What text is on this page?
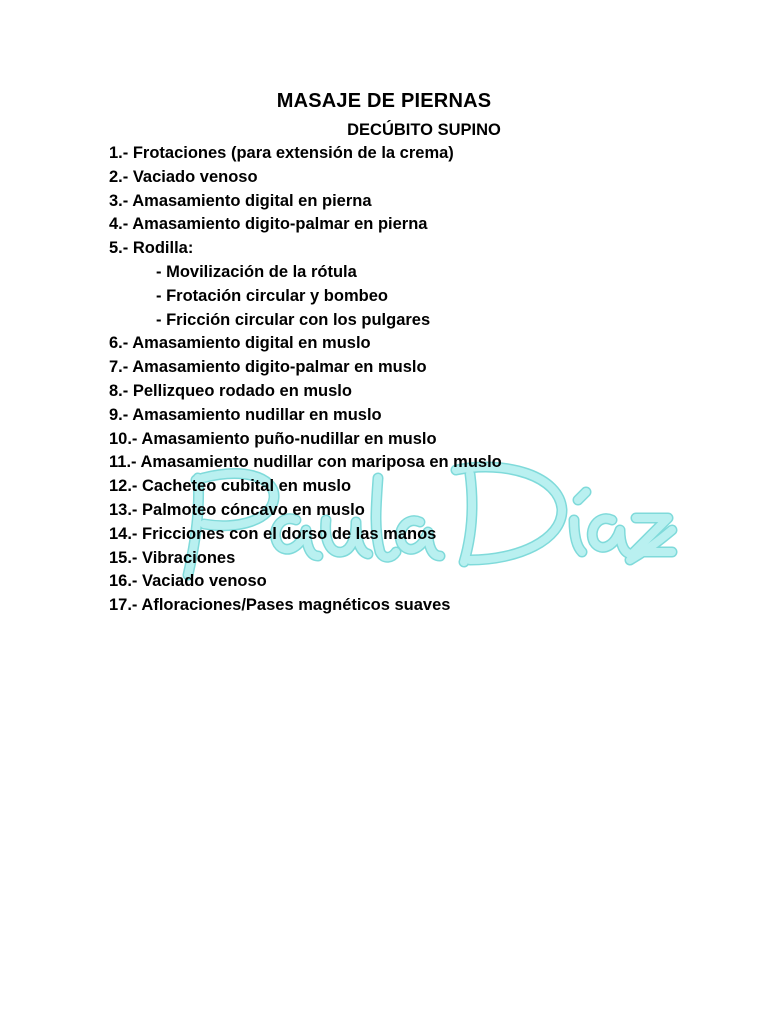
MASAJE DE PIERNAS
DECÚBITO SUPINO
1.- Frotaciones (para extensión de la crema)
2.- Vaciado venoso
3.- Amasamiento digital en pierna
4.- Amasamiento digito-palmar en pierna
5.- Rodilla:
- Movilización de la rótula
- Frotación circular y bombeo
- Fricción circular con los pulgares
6.- Amasamiento digital en muslo
7.- Amasamiento digito-palmar en muslo
8.- Pellizqueo rodado en muslo
9.- Amasamiento nudillar en muslo
10.- Amasamiento puño-nudillar en muslo
11.- Amasamiento nudillar con mariposa en muslo
12.- Cacheteo cubital en muslo
13.- Palmoteo cóncavo en muslo
14.- Fricciones con el dorso de las manos
15.- Vibraciones
16.- Vaciado venoso
17.- Afloraciones/Pases magnéticos suaves
